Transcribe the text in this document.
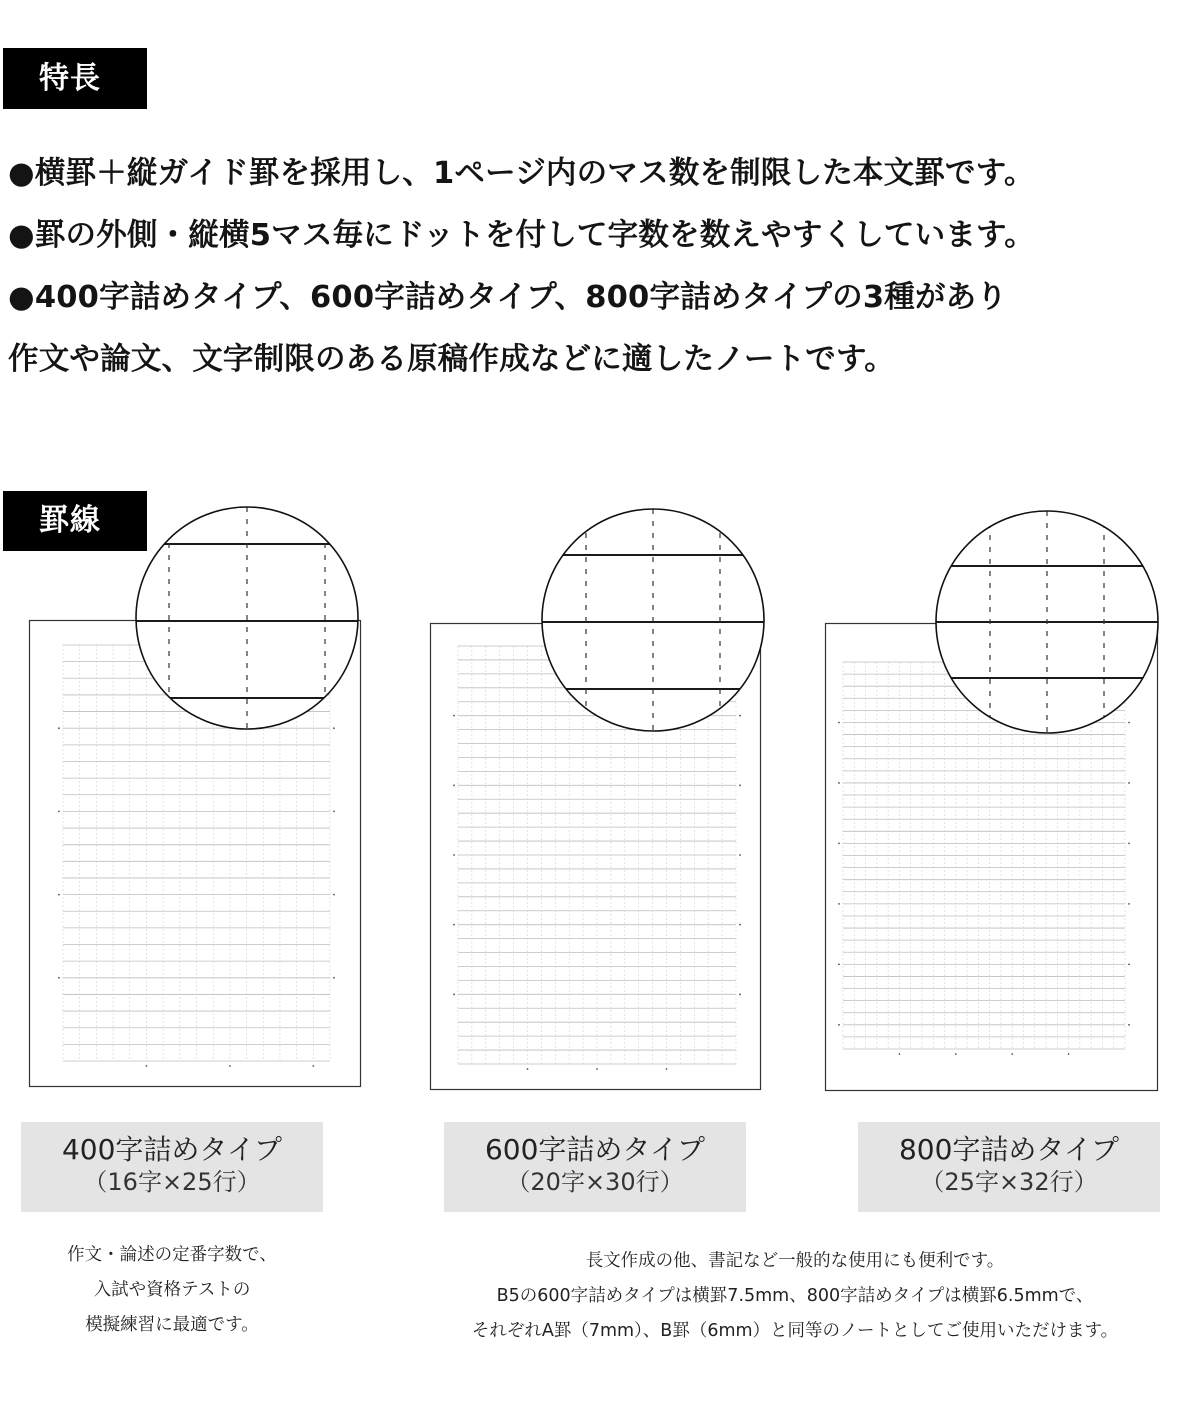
特長
●横罫＋縦ガイド罫を採用し、1ページ内のマス数を制限した本文罫です。
●罫の外側・縦横5マス毎にドットを付して字数を数えやすくしています。
●400字詰めタイプ、600字詰めタイプ、800字詰めタイプの3種があり
作文や論文、文字制限のある原稿作成などに適したノートです。
罫線
400字詰めタイプ
（16字×25行）
600字詰めタイプ
（20字×30行）
800字詰めタイプ
（25字×32行）
作文・論述の定番字数で、
入試や資格テストの
模擬練習に最適です。
長文作成の他、書記など一般的な使用にも便利です。
B5の600字詰めタイプは横罫7.5mm、800字詰めタイプは横罫6.5mmで、
それぞれA罫（7mm）、B罫（6mm）と同等のノートとしてご使用いただけます。
